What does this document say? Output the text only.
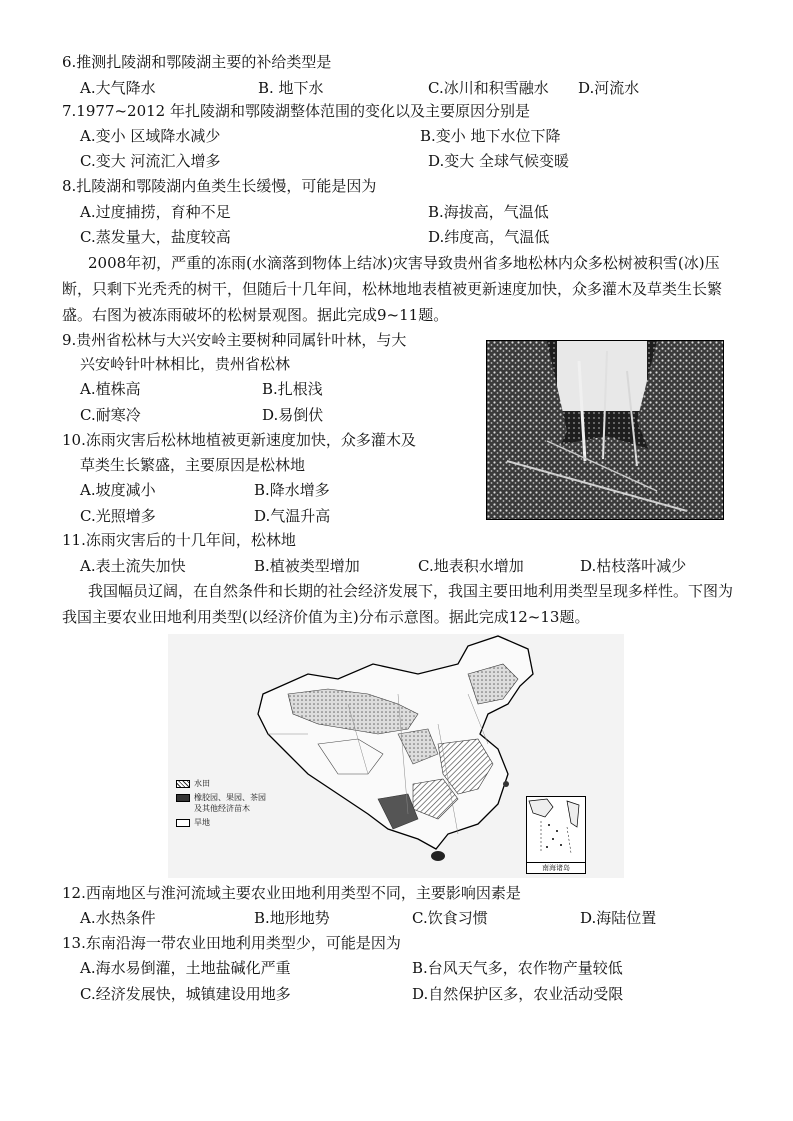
6.推测扎陵湖和鄂陵湖主要的补给类型是
A.大气降水	B. 地下水	C.冰川和积雪融水 D.河流水
7.1977~2012 年扎陵湖和鄂陵湖整体范围的变化以及主要原因分别是
A.变小 区域降水减少	B.变小 地下水位下降
C.变大 河流汇入增多	D.变大 全球气候变暖
8.扎陵湖和鄂陵湖内鱼类生长缓慢，可能是因为
A.过度捕捞，育种不足	B.海拔高，气温低
C.蒸发量大，盐度较高	D.纬度高，气温低
2008年初，严重的冻雨(水滴落到物体上结冰)灾害导致贵州省多地松林内众多松树被积雪(冰)压断，只剩下光秃秃的树干，但随后十几年间，松林地地表植被更新速度加快，众多灌木及草类生长繁盛。右图为被冻雨破坏的松树景观图。据此完成9~11题。
9.贵州省松林与大兴安岭主要树种同属针叶林，与大
兴安岭针叶林相比，贵州省松林
A.植株高	B.扎根浅
C.耐寒冷	D.易倒伏
10.冻雨灾害后松林地植被更新速度加快，众多灌木及
草类生长繁盛，主要原因是松林地
A.坡度减小	B.降水增多
C.光照增多	D.气温升高
11.冻雨灾害后的十几年间，松林地
A.表土流失加快	B.植被类型增加	C.地表积水增加	D.枯枝落叶减少
我国幅员辽阔，在自然条件和长期的社会经济发展下，我国主要田地利用类型呈现多样性。下图为我国主要农业田地利用类型(以经济价值为主)分布示意图。据此完成12~13题。
水田
橡胶园、果园、茶园及其他经济苗木
旱地
南海诸岛
12.西南地区与淮河流域主要农业田地利用类型不同，主要影响因素是
A.水热条件	B.地形地势	C.饮食习惯	D.海陆位置
13.东南沿海一带农业田地利用类型少，可能是因为
A.海水易倒灌，土地盐碱化严重	B.台风天气多，农作物产量较低
C.经济发展快，城镇建设用地多	D.自然保护区多，农业活动受限
